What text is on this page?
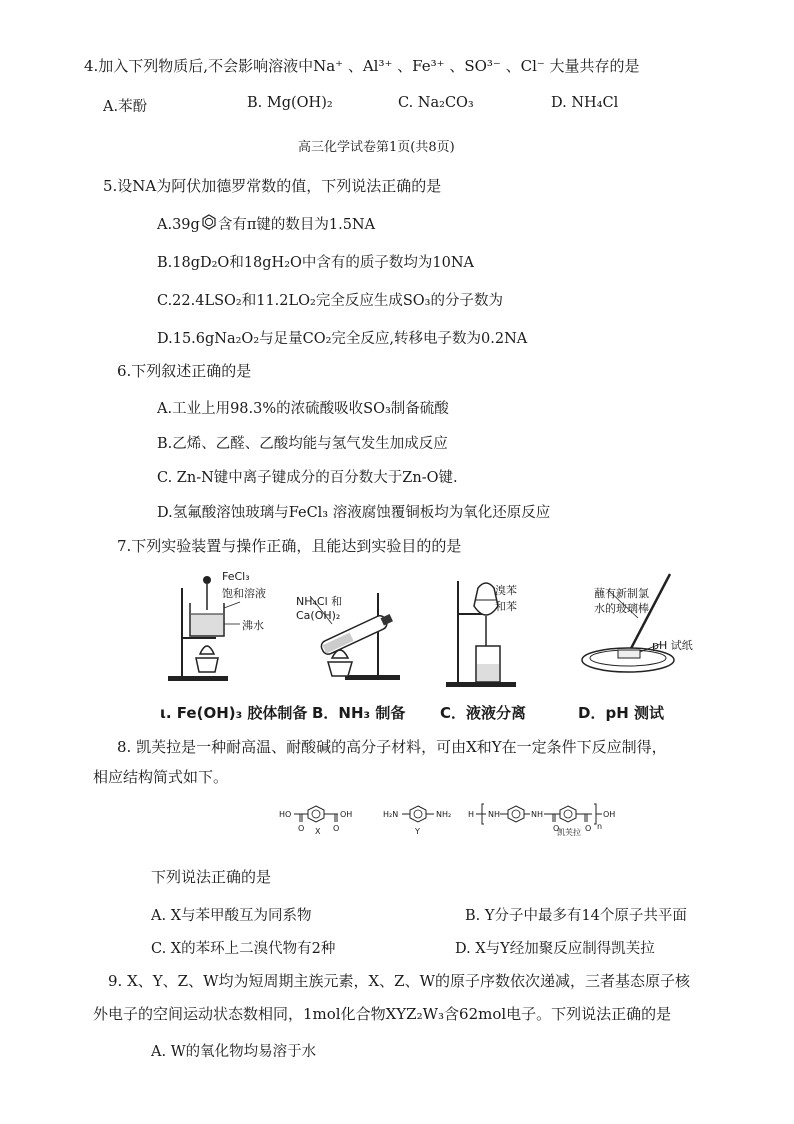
4.加入下列物质后,不会影响溶液中Na⁺ 、Al³⁺ 、Fe³⁺ 、SO³⁻ 、Cl⁻ 大量共存的是
A.苯酚	B. Mg(OH)₂	C. Na₂CO₃	D. NH₄Cl
高三化学试卷第1页(共8页)
5.设NA为阿伏加德罗常数的值，下列说法正确的是
A.39g 含有π键的数目为1.5NA
B.18gD₂O和18gH₂O中含有的质子数均为10NA
C.22.4LSO₂和11.2LO₂完全反应生成SO₃的分子数为
D.15.6gNa₂O₂与足量CO₂完全反应,转移电子数为0.2NA
6.下列叙述正确的是
A.工业上用98.3%的浓硫酸吸收SO₃制备硫酸
B.乙烯、乙醛、乙酸均能与氢气发生加成反应
C. Zn-N键中离子键成分的百分数大于Zn-O键.
D.氢氟酸溶蚀玻璃与FeCl₃ 溶液腐蚀覆铜板均为氧化还原反应
7.下列实验装置与操作正确，且能达到实验目的的是
FeCl₃
饱和溶液
沸水
NH₄Cl 和
Ca(OH)₂
溴苯
和苯
蘸有新制氯
水的玻璃棒
pH 试纸
ι. Fe(OH)₃ 胶体制备 B．NH₃ 制备 C．液液分离	D．pH 测试
8. 凯芙拉是一种耐高温、耐酸碱的高分子材料，可由X和Y在一定条件下反应制得，
相应结构简式如下。
HO	OH
O	O
X
H₂N	NH₂
Y
H NH	NH	OH
O	O n
凯芙拉
下列说法正确的是
A. X与苯甲酸互为同系物	B. Y分子中最多有14个原子共平面
C. X的苯环上二溴代物有2种	D. X与Y经加聚反应制得凯芙拉
9. X、Y、Z、W均为短周期主族元素，X、Z、W的原子序数依次递减，三者基态原子核
外电子的空间运动状态数相同，1mol化合物XYZ₂W₃含62mol电子。下列说法正确的是
A. W的氧化物均易溶于水
